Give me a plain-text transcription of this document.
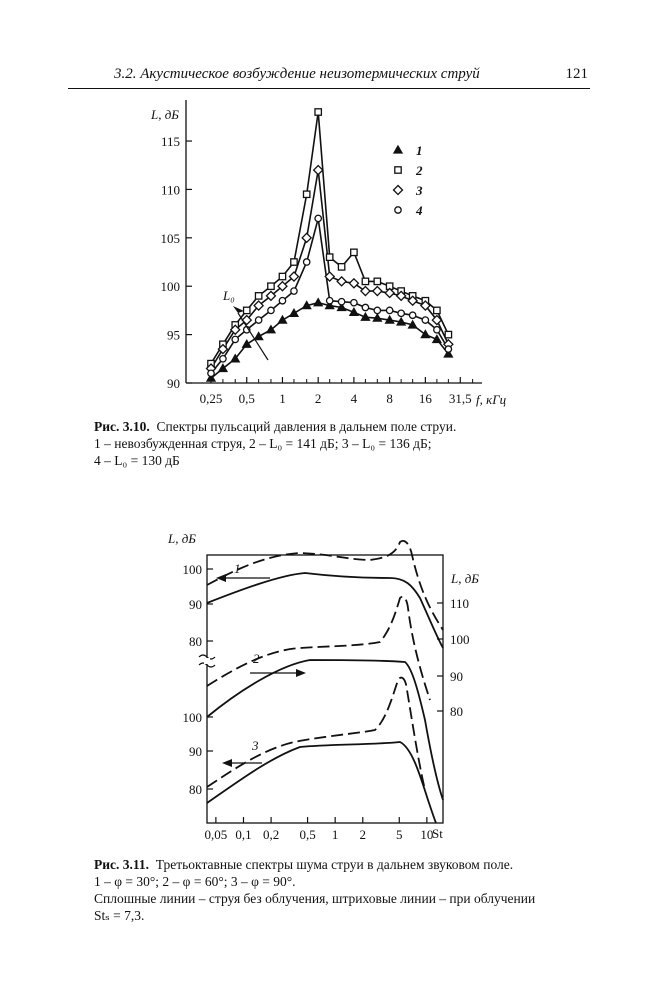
3.2. Акустическое возбуждение неизотермических струй	121
90
95
100
105
110
115
0,25 0,5 1 2 4 8 16 31,5
1
2
3
4
L, дБ
f, кГц
L₀
0,05 0,1 0,2 0,5 1 2 5 10
100
90
80
100
90
80
110
100
90
80
L, дБ
L, дБ
St
1
2
3
Рис. 3.10. Спектры пульсаций давления в дальнем поле струи.
1 – невозбужденная струя, 2 – L₀ = 141 дБ; 3 – L₀ = 136 дБ;
4 – L₀ = 130 дБ
Рис. 3.11. Третьоктавные спектры шума струи в дальнем звуковом поле.
1 – φ = 30°; 2 – φ = 60°; 3 – φ = 90°.
Сплошные линии – струя без облучения, штриховые линии – при облучении
Stₛ = 7,3.
